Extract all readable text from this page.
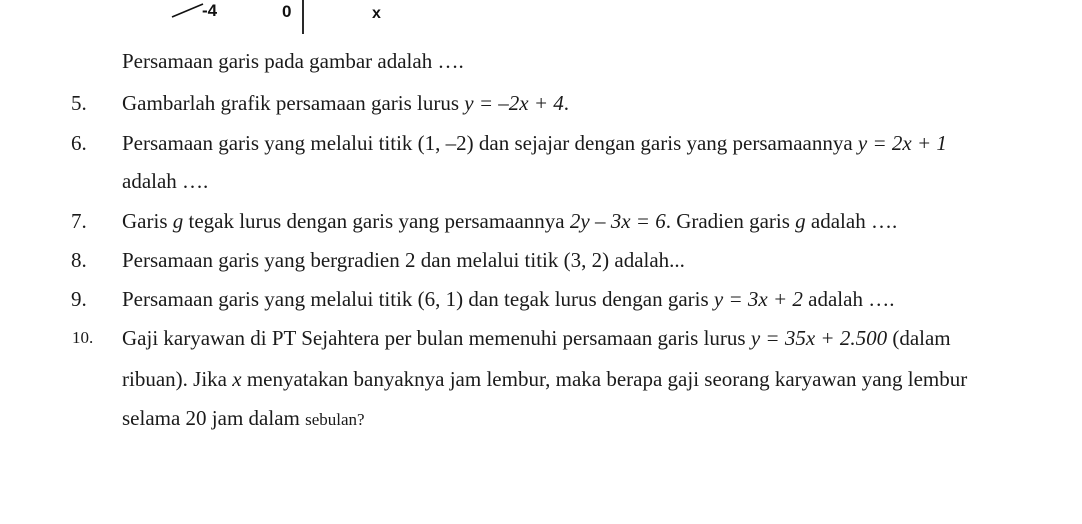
-4	0	x
Persamaan garis pada gambar adalah ….
5. Gambarlah grafik persamaan garis lurus y = –2x + 4.
6. Persamaan garis yang melalui titik (1, –2) dan sejajar dengan garis yang persamaannya y = 2x + 1
adalah ….
7. Garis g tegak lurus dengan garis yang persamaannya 2y – 3x = 6. Gradien garis g adalah ….
8. Persamaan garis yang bergradien 2 dan melalui titik (3, 2) adalah...
9. Persamaan garis yang melalui titik (6, 1) dan tegak lurus dengan garis y = 3x + 2 adalah ….
10. Gaji karyawan di PT Sejahtera per bulan memenuhi persamaan garis lurus y = 35x + 2.500 (dalam
ribuan). Jika x menyatakan banyaknya jam lembur, maka berapa gaji seorang karyawan yang lembur
selama 20 jam dalam sebulan?
